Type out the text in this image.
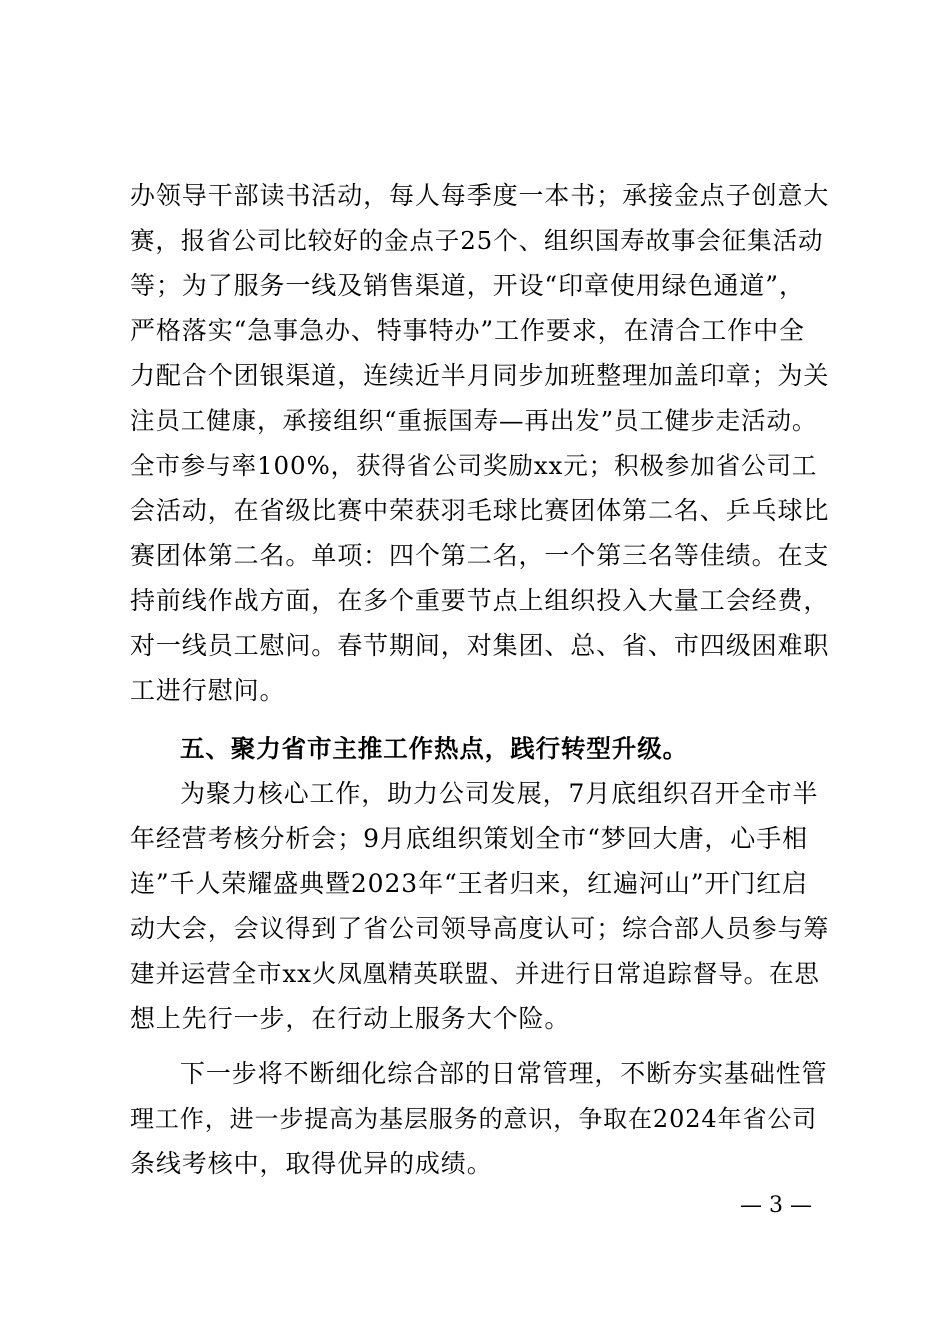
办领导干部读书活动，每人每季度一本书；承接金点子创意大
赛，报省公司比较好的金点子25个、组织国寿故事会征集活动
等；为了服务一线及销售渠道，开设“印章使用绿色通道”，
严格落实“急事急办、特事特办”工作要求，在清合工作中全
力配合个团银渠道，连续近半月同步加班整理加盖印章；为关
注员工健康，承接组织“重振国寿—再出发”员工健步走活动。
全市参与率100%，获得省公司奖励xx元；积极参加省公司工
会活动，在省级比赛中荣获羽毛球比赛团体第二名、乒乓球比
赛团体第二名。单项：四个第二名，一个第三名等佳绩。在支
持前线作战方面，在多个重要节点上组织投入大量工会经费，
对一线员工慰问。春节期间，对集团、总、省、市四级困难职
工进行慰问。
五、聚力省市主推工作热点，践行转型升级。
为聚力核心工作，助力公司发展，7月底组织召开全市半
年经营考核分析会；9月底组织策划全市“梦回大唐，心手相
连”千人荣耀盛典暨2023年“王者归来，红遍河山”开门红启
动大会，会议得到了省公司领导高度认可；综合部人员参与筹
建并运营全市xx火凤凰精英联盟、并进行日常追踪督导。在思
想上先行一步，在行动上服务大个险。
下一步将不断细化综合部的日常管理，不断夯实基础性管
理工作，进一步提高为基层服务的意识，争取在2024年省公司
条线考核中，取得优异的成绩。
— 3 —
